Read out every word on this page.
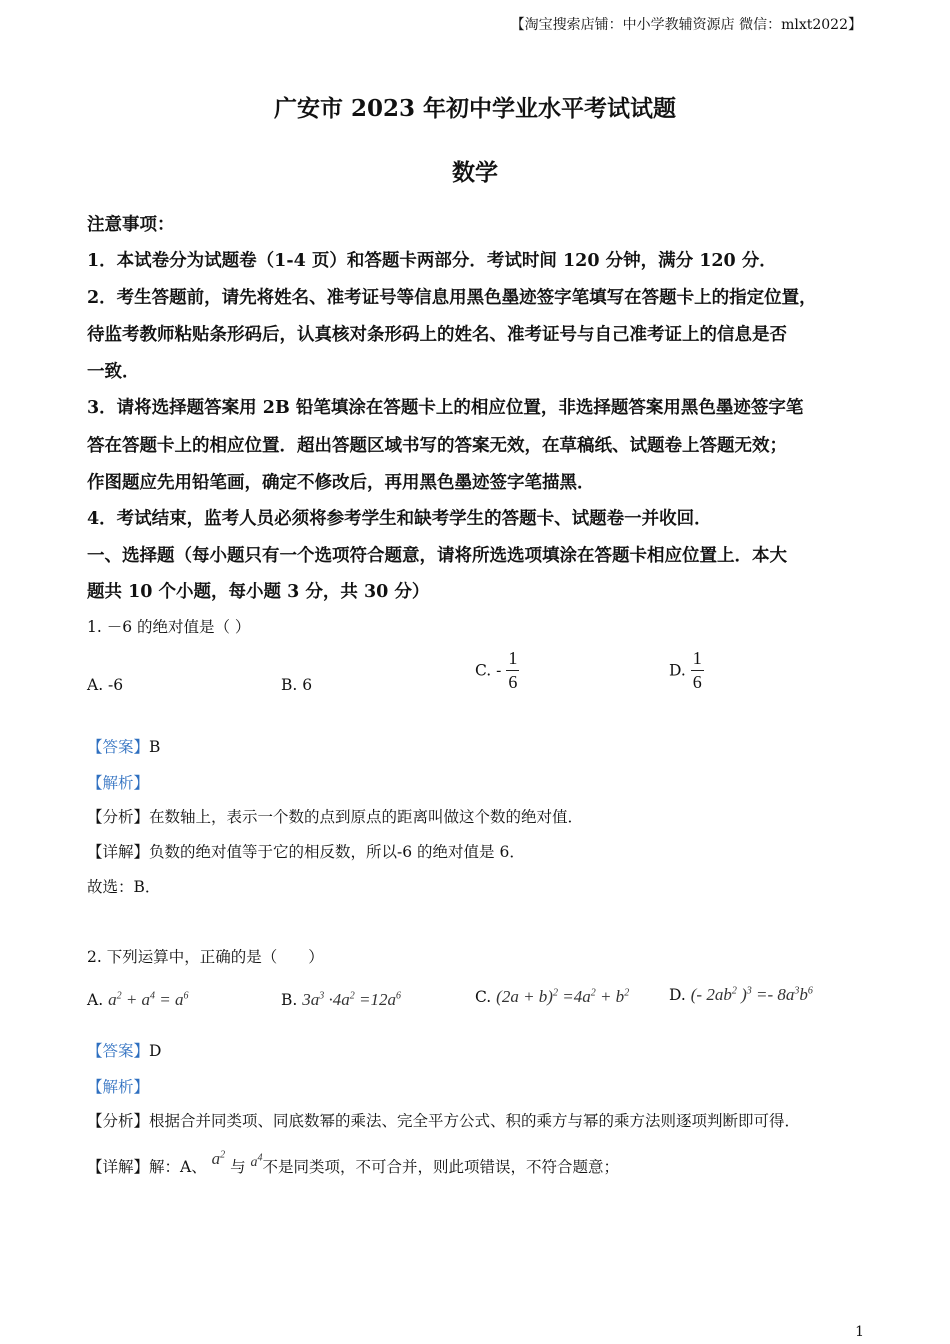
【淘宝搜索店铺：中小学教辅资源店 微信：mlxt2022】
广安市 2023 年初中学业水平考试试题
数学
注意事项：
1．本试卷分为试题卷（1-4 页）和答题卡两部分．考试时间 120 分钟，满分 120 分．
2．考生答题前，请先将姓名、准考证号等信息用黑色墨迹签字笔填写在答题卡上的指定位置，
待监考教师粘贴条形码后，认真核对条形码上的姓名、准考证号与自己准考证上的信息是否
一致．
3．请将选择题答案用 2B 铅笔填涂在答题卡上的相应位置，非选择题答案用黑色墨迹签字笔
答在答题卡上的相应位置．超出答题区域书写的答案无效，在草稿纸、试题卷上答题无效；
作图题应先用铅笔画，确定不修改后，再用黑色墨迹签字笔描黑．
4．考试结束，监考人员必须将参考学生和缺考学生的答题卡、试题卷一并收回．
一、选择题（每小题只有一个选项符合题意，请将所选选项填涂在答题卡相应位置上．本大
题共 10 个小题，每小题 3 分，共 30 分）
1. －6 的绝对值是（ ）
A. -6	B. 6
C. - $\frac{1}{6}$	D. $\frac{1}{6}$
【答案】B
【解析】
【分析】在数轴上，表示一个数的点到原点的距离叫做这个数的绝对值．
【详解】负数的绝对值等于它的相反数，所以-6 的绝对值是 6．
故选：B．
2. 下列运算中，正确的是（　　）
A. $a^2 + a^4 = a^6$	B. $3a^3 \cdot 4a^2 =12a^6$	C. $(2a + b)^2 =4a^2 + b^2$	D. (- $2ab^2$ )$^3 =- 8a^3b^6$
【答案】D
【解析】
【分析】根据合并同类项、同底数幂的乘法、完全平方公式、积的乘方与幂的乘方法则逐项判断即可得．
【详解】解：A、 $a^2$ 与 $a^4$不是同类项，不可合并，则此项错误，不符合题意；
1
